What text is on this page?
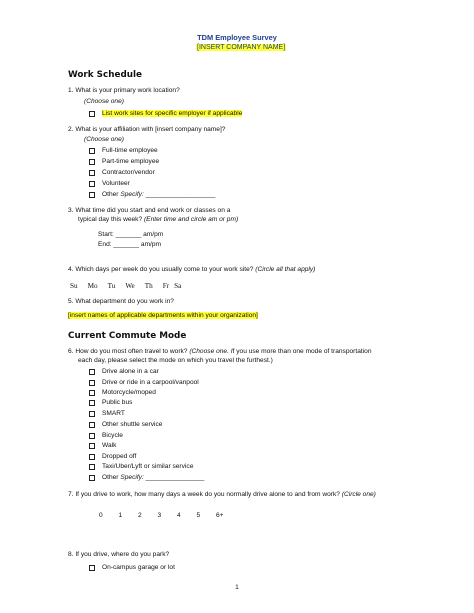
TDM Employee Survey
[INSERT COMPANY NAME]
Work Schedule
1. What is your primary work location?
(Choose one)
List work sites for specific employer if applicable
2. What is your affiliation with [insert company name]?
(Choose one)
Full-time employee
Part-time employee
Contractor/vendor
Volunteer
Other
Specify:
___________________
3. What time did you start and end work or classes on a
typical day this week? (Enter time and circle am or pm)
Start: _______ am/pm
End: _______ am/pm
4. Which days per week do you usually come to your work site? (Circle all that apply)
Su Mo Tu We Th Fr Sa
5. What department do you work in?
[insert names of applicable departments within your organization]
Current Commute Mode
6. How do you most often travel to work? (Choose one. If you use more than one mode of transportation
each day, please select the mode on which you travel the furthest.)
Drive alone in a car
Drive or ride in a carpool/vanpool
Motorcycle/moped
Public bus
SMART
Other shuttle service
Bicycle
Walk
Dropped off
Taxi/Uber/Lyft or similar service
Other
Specify:
________________
7. If you drive to work, how many days a week do you normally drive alone to and from work? (Circle one)
0 1 2 3 4 5 6+
8. If you drive, where do you park?
On-campus garage or lot
1
